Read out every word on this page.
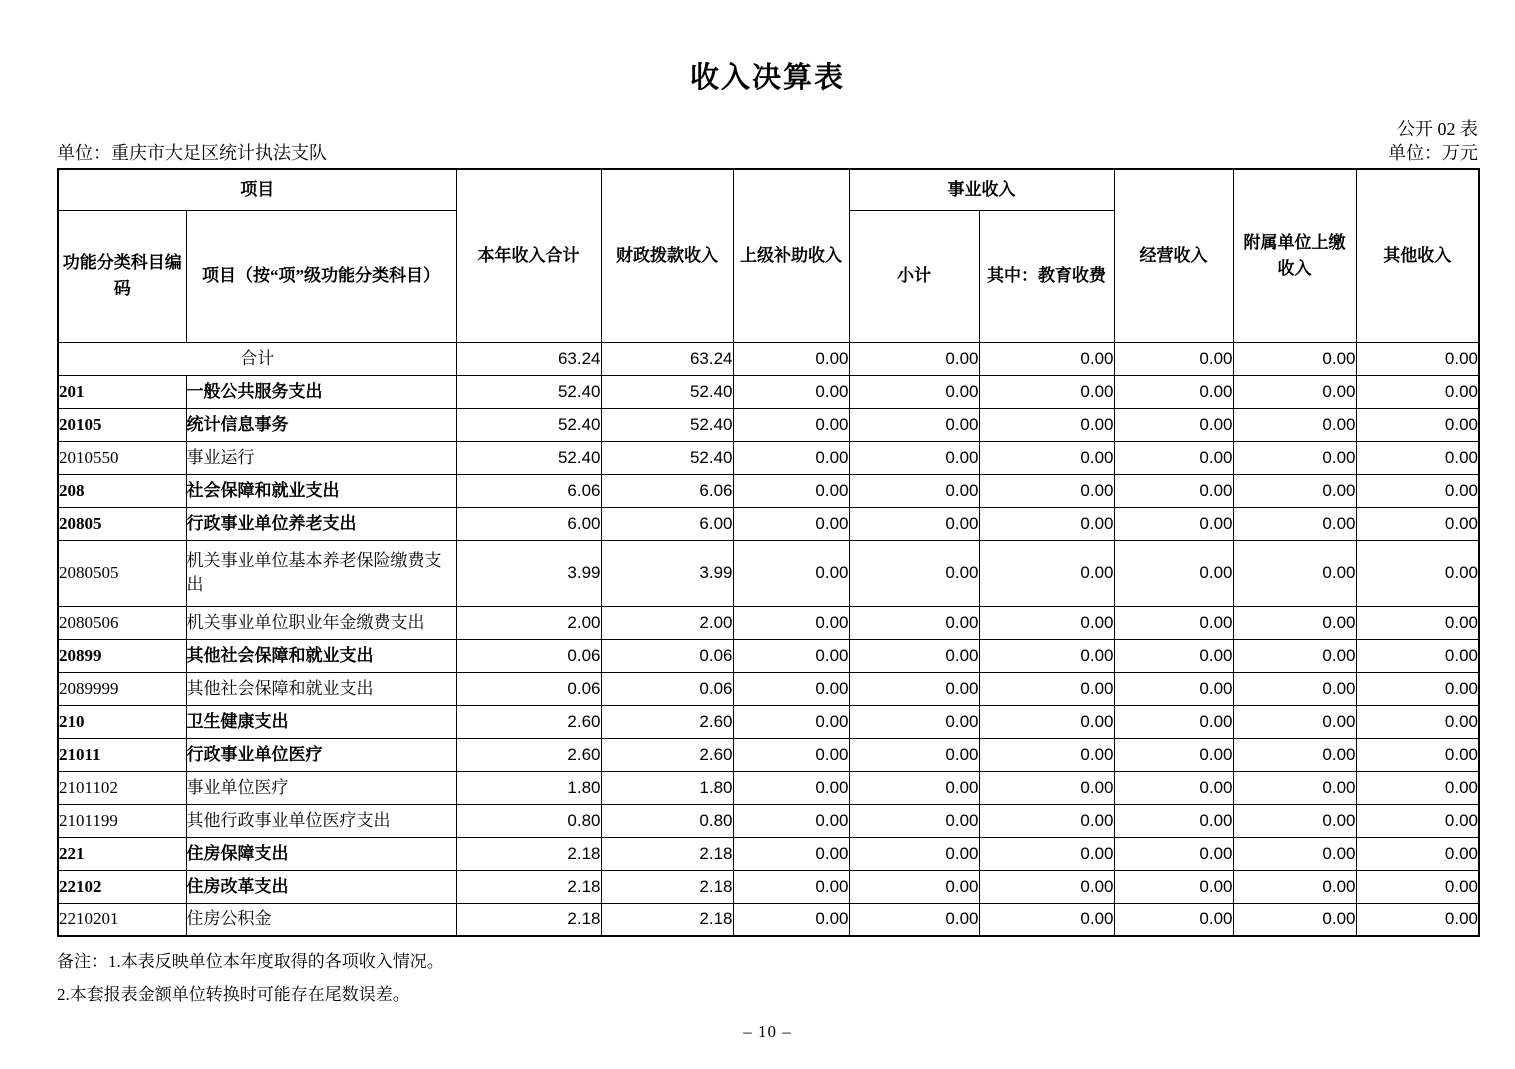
收入决算表
公开 02 表
单位：重庆市大足区统计执法支队	单位：万元
项目		本年收入合计	财政拨款收入	上级补助收入	事业收入		经营收入	附属单位上缴收入	其他收入
功能分类科目编码	项目（按“项”级功能分类科目）				小计	其中：教育收费			
合计		63.24	63.24	0.00	0.00	0.00	0.00	0.00	0.00
201	一般公共服务支出	52.40	52.40	0.00	0.00	0.00	0.00	0.00	0.00
20105	统计信息事务	52.40	52.40	0.00	0.00	0.00	0.00	0.00	0.00
2010550	事业运行	52.40	52.40	0.00	0.00	0.00	0.00	0.00	0.00
208	社会保障和就业支出	6.06	6.06	0.00	0.00	0.00	0.00	0.00	0.00
20805	行政事业单位养老支出	6.00	6.00	0.00	0.00	0.00	0.00	0.00	0.00
2080505	机关事业单位基本养老保险缴费支出	3.99	3.99	0.00	0.00	0.00	0.00	0.00	0.00
2080506	机关事业单位职业年金缴费支出	2.00	2.00	0.00	0.00	0.00	0.00	0.00	0.00
20899	其他社会保障和就业支出	0.06	0.06	0.00	0.00	0.00	0.00	0.00	0.00
2089999	其他社会保障和就业支出	0.06	0.06	0.00	0.00	0.00	0.00	0.00	0.00
210	卫生健康支出	2.60	2.60	0.00	0.00	0.00	0.00	0.00	0.00
21011	行政事业单位医疗	2.60	2.60	0.00	0.00	0.00	0.00	0.00	0.00
2101102	事业单位医疗	1.80	1.80	0.00	0.00	0.00	0.00	0.00	0.00
2101199	其他行政事业单位医疗支出	0.80	0.80	0.00	0.00	0.00	0.00	0.00	0.00
221	住房保障支出	2.18	2.18	0.00	0.00	0.00	0.00	0.00	0.00
22102	住房改革支出	2.18	2.18	0.00	0.00	0.00	0.00	0.00	0.00
2210201	住房公积金	2.18	2.18	0.00	0.00	0.00	0.00	0.00	0.00
备注：1.本表反映单位本年度取得的各项收入情况。
2.本套报表金额单位转换时可能存在尾数误差。
– 10 –
